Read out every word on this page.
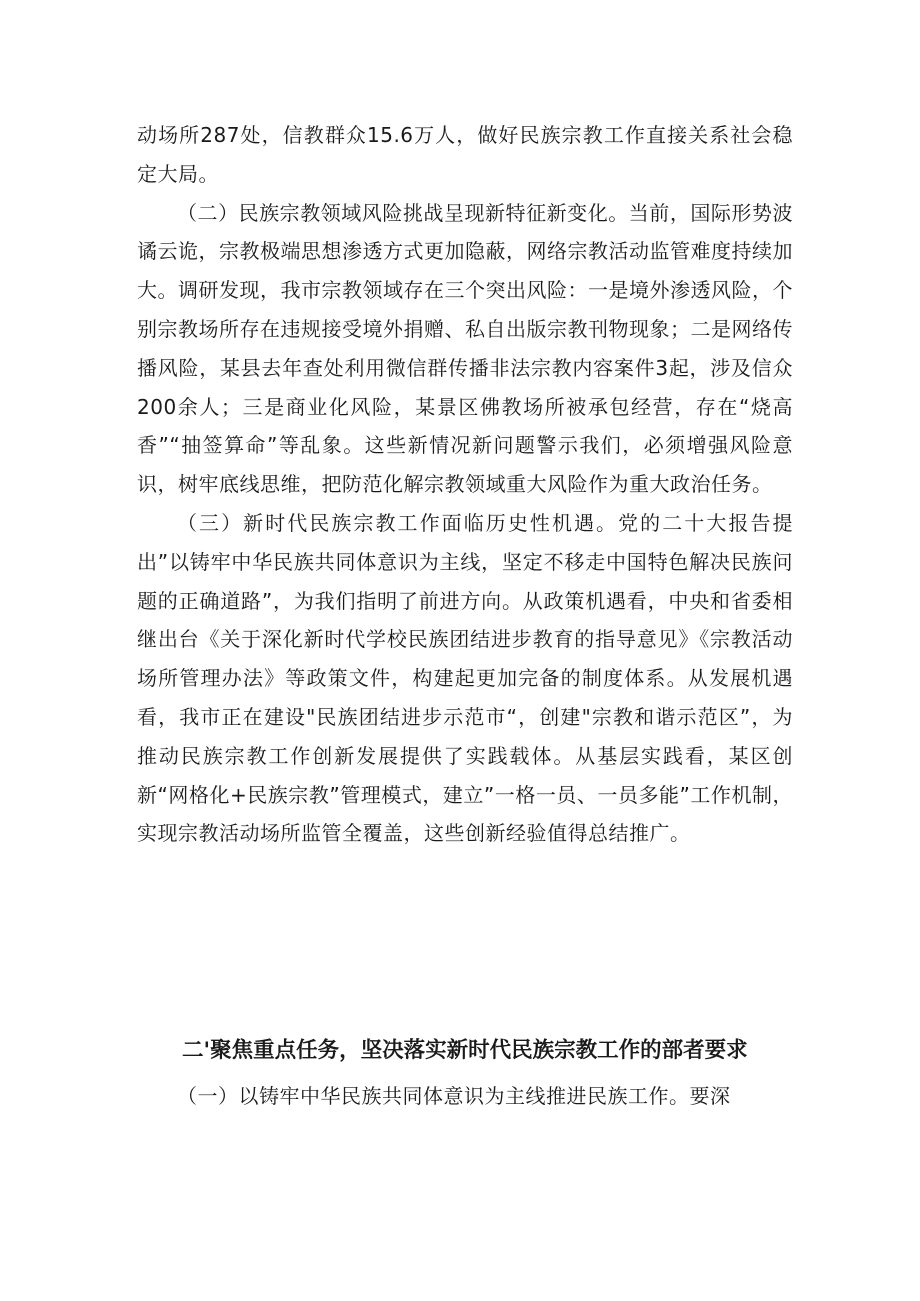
动场所287处，信教群众15.6万人，做好民族宗教工作直接关系社会稳定大局。

（二）民族宗教领域风险挑战呈现新特征新变化。当前，国际形势波谲云诡，宗教极端思想渗透方式更加隐蔽，网络宗教活动监管难度持续加大。调研发现，我市宗教领域存在三个突出风险：一是境外渗透风险，个别宗教场所存在违规接受境外捐赠、私自出版宗教刊物现象；二是网络传播风险，某县去年查处利用微信群传播非法宗教内容案件3起，涉及信众200余人；三是商业化风险，某景区佛教场所被承包经营，存在“烧高香”“抽签算命”等乱象。这些新情况新问题警示我们，必须增强风险意识，树牢底线思维，把防范化解宗教领域重大风险作为重大政治任务。

（三）新时代民族宗教工作面临历史性机遇。党的二十大报告提出”以铸牢中华民族共同体意识为主线，坚定不移走中国特色解决民族问题的正确道路”，为我们指明了前进方向。从政策机遇看，中央和省委相继出台《关于深化新时代学校民族团结进步教育的指导意见》《宗教活动场所管理办法》等政策文件，构建起更加完备的制度体系。从发展机遇看，我市正在建设"民族团结进步示范市“，创建"宗教和谐示范区”，为推动民族宗教工作创新发展提供了实践载体。从基层实践看，某区创新“网格化+民族宗教”管理模式，建立”一格一员、一员多能”工作机制，实现宗教活动场所监管全覆盖，这些创新经验值得总结推广。

二'聚焦重点任务，坚决落实新时代民族宗教工作的部者要求

（一）以铸牢中华民族共同体意识为主线推进民族工作。要深
